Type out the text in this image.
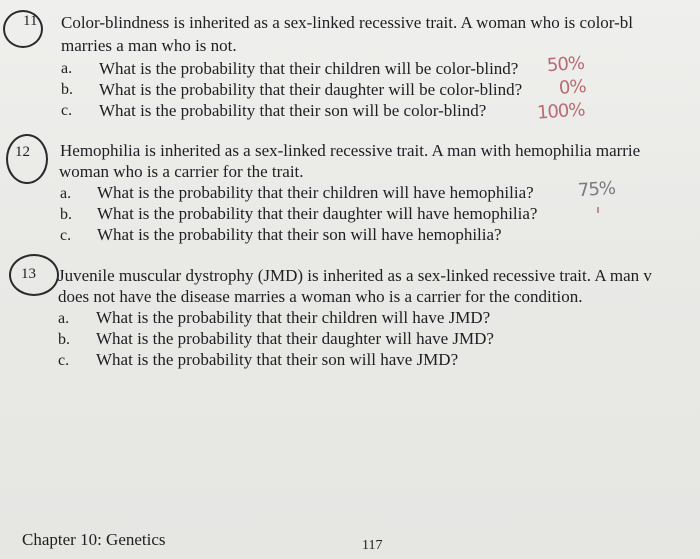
11 Color-blindness is inherited as a sex-linked recessive trait. A woman who is color-bl
marries a man who is not.
a. What is the probability that their children will be color-blind? 50%
b. What is the probability that their daughter will be color-blind? 0%
c. What is the probability that their son will be color-blind?	100%
12 Hemophilia is inherited as a sex-linked recessive trait. A man with hemophilia marrie
woman who is a carrier for the trait.
a. What is the probability that their children will have hemophilia? 75%
b. What is the probability that their daughter will have hemophilia?
c. What is the probability that their son will have hemophilia?
13 Juvenile muscular dystrophy (JMD) is inherited as a sex-linked recessive trait. A man v
does not have the disease marries a woman who is a carrier for the condition.
a. What is the probability that their children will have JMD?
b. What is the probability that their daughter will have JMD?
c. What is the probability that their son will have JMD?
Chapter 10: Genetics	117
